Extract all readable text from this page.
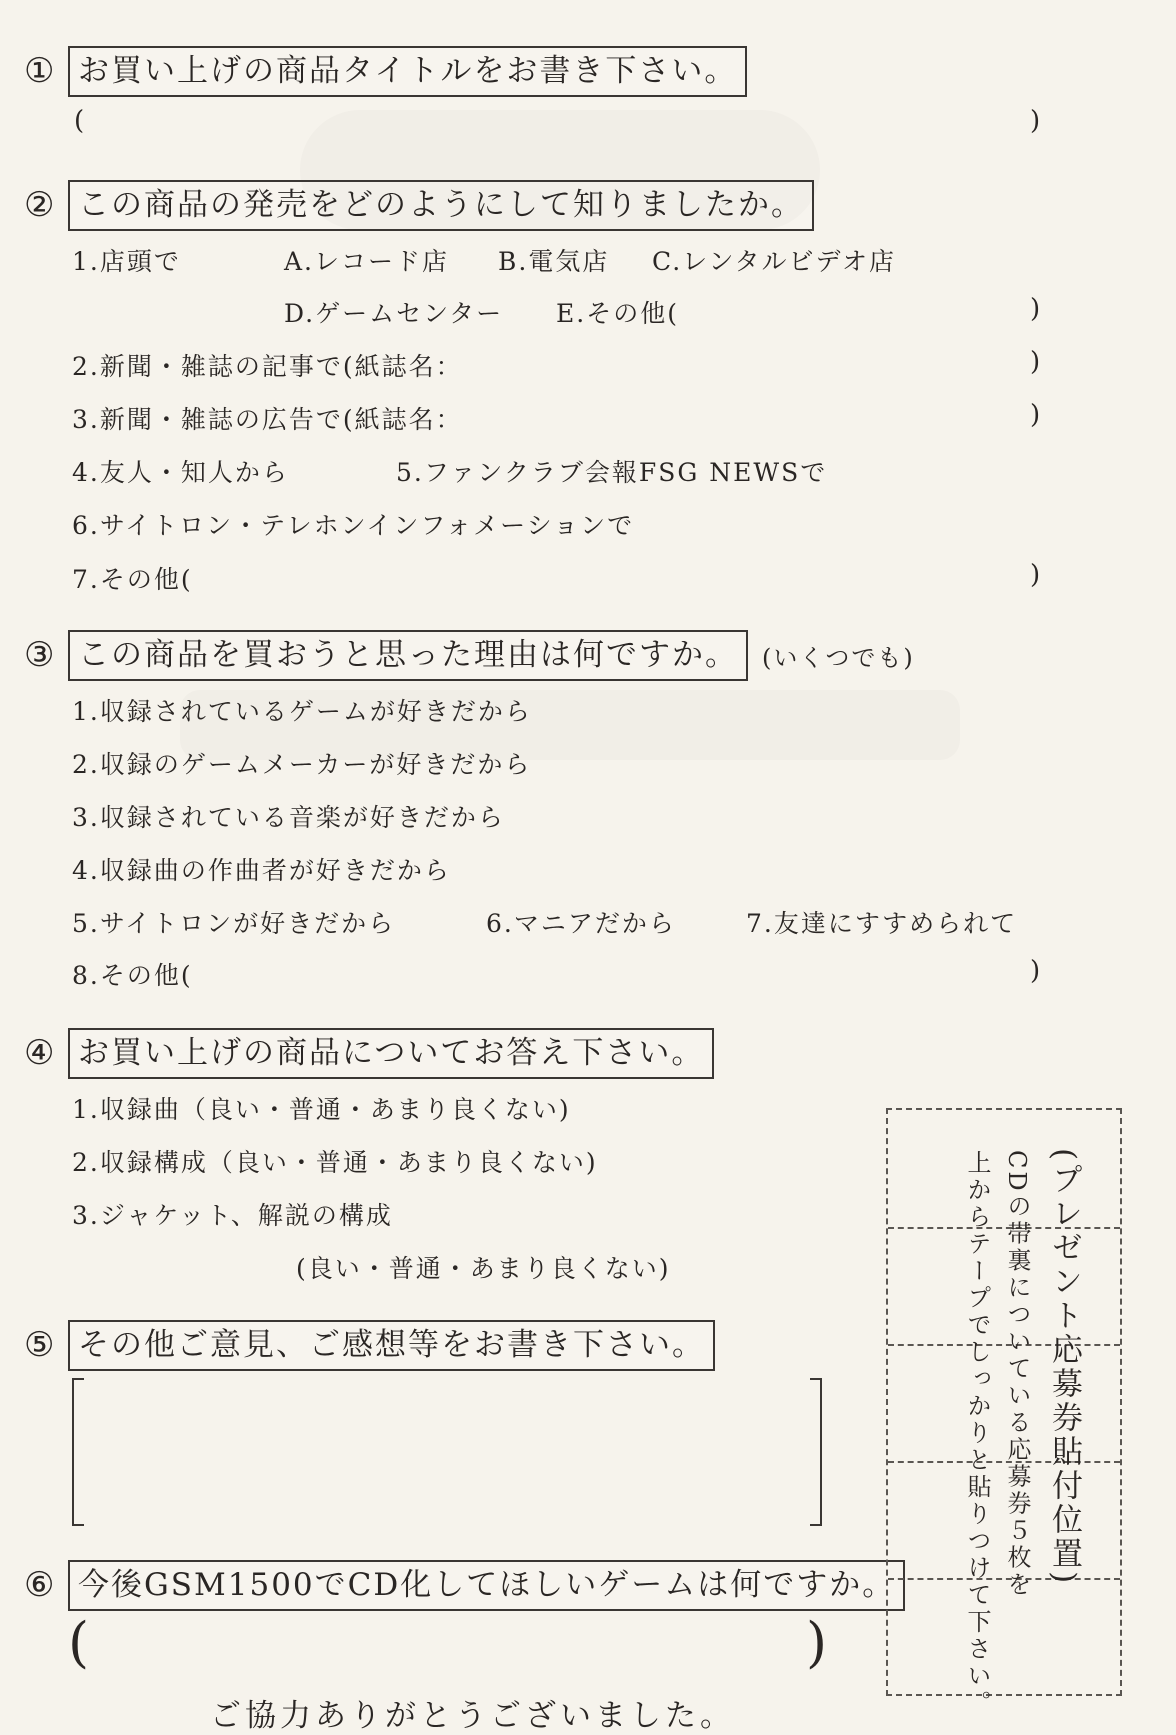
① お買い上げの商品タイトルをお書き下さい。
(	)
② この商品の発売をどのようにして知りましたか。
1.店頭で	A.レコード店 B.電気店 C.レンタルビデオ店
D.ゲームセンター E.その他(	)
2.新聞・雑誌の記事で(紙誌名：	)
3.新聞・雑誌の広告で(紙誌名：	)
4.友人・知人から	5.ファンクラブ会報FSG NEWSで
6.サイトロン・テレホンインフォメーションで
7.その他(	)
③ この商品を買おうと思った理由は何ですか。	(いくつでも)
1.収録されているゲームが好きだから
2.収録のゲームメーカーが好きだから
3.収録されている音楽が好きだから
4.収録曲の作曲者が好きだから
5.サイトロンが好きだから	6.マニアだから	7.友達にすすめられて
8.その他(	)
④ お買い上げの商品についてお答え下さい。
1.収録曲（良い・普通・あまり良くない)
2.収録構成（良い・普通・あまり良くない)
3.ジャケット、解説の構成
(良い・普通・あまり良くない)
⑤ その他ご意見、ご感想等をお書き下さい。
⑥ 今後GSM1500でCD化してほしいゲームは何ですか。
(	)
(プレゼント応募券貼付位置)
CDの帯裏についている応募券５枚を
上からテープでしっかりと貼りつけて下さい。
ご協力ありがとうございました。
